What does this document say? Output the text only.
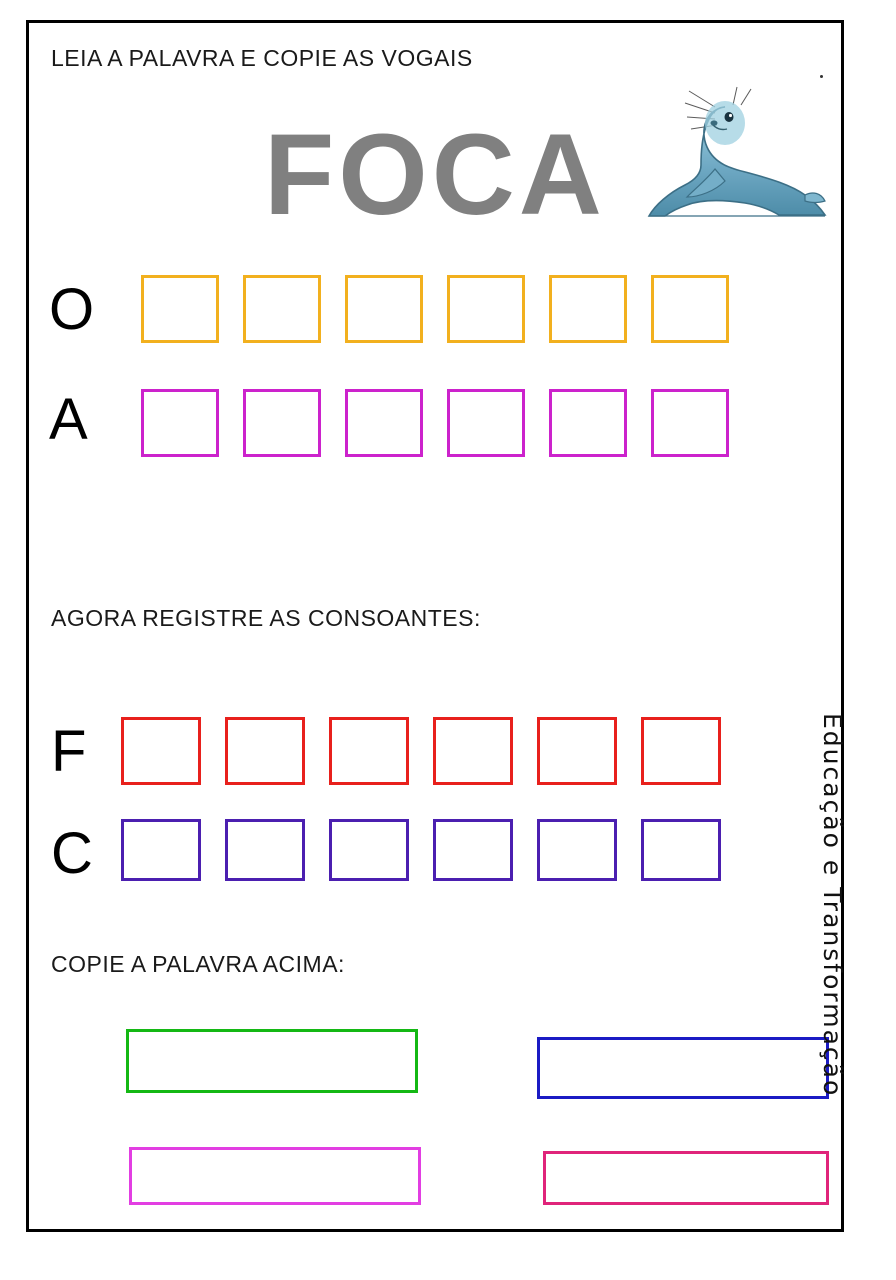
LEIA A PALAVRA E COPIE AS VOGAIS
FOCA
O
A
AGORA REGISTRE AS CONSOANTES:
F
C
COPIE A PALAVRA ACIMA:	Educação e Transformação
